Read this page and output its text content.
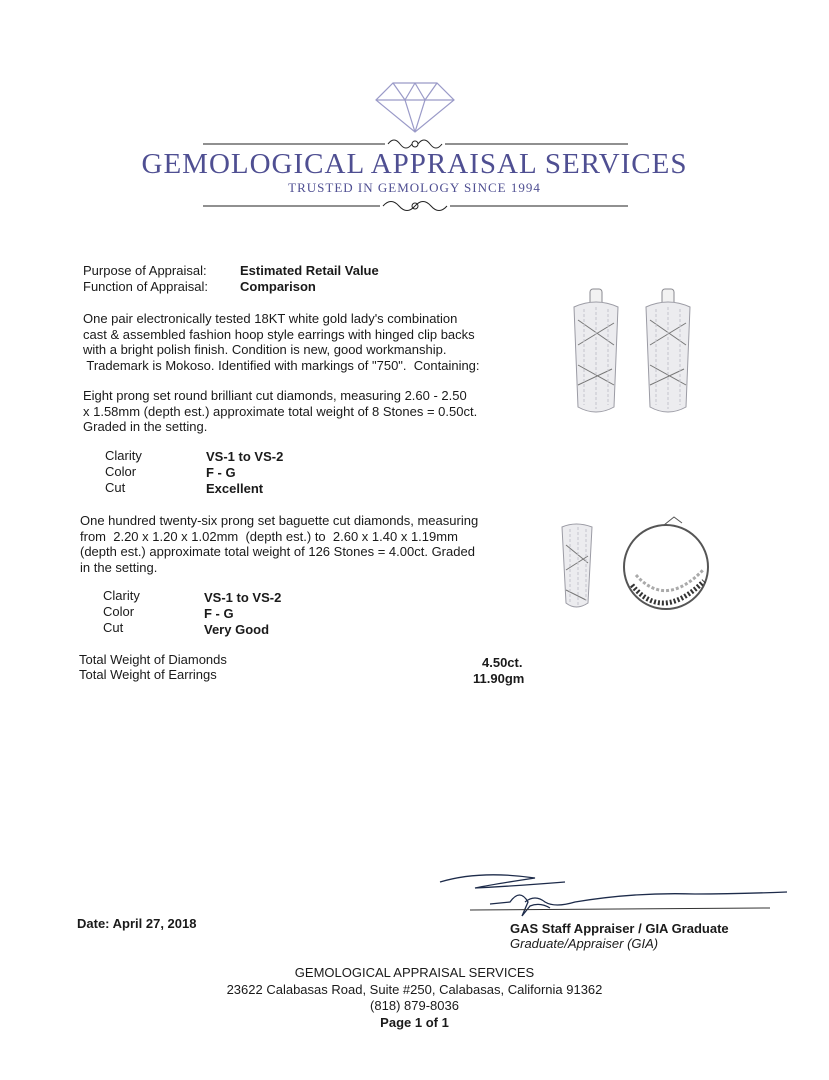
GEMOLOGICAL APPRAISAL SERVICES
TRUSTED IN GEMOLOGY SINCE 1994
Purpose of Appraisal:	Estimated Retail Value
Function of Appraisal: Comparison
One pair electronically tested 18KT white gold lady's combination
cast & assembled fashion hoop style earrings with hinged clip backs
with a bright polish finish. Condition is new, good workmanship.
Trademark is Mokoso. Identified with markings of "750".  Containing:
Eight prong set round brilliant cut diamonds, measuring 2.60 - 2.50
x 1.58mm (depth est.) approximate total weight of 8 Stones = 0.50ct.
Graded in the setting.
Clarity	VS-1 to VS-2
Color	F - G
Cut	Excellent
One hundred twenty-six prong set baguette cut diamonds, measuring
from  2.20 x 1.20 x 1.02mm  (depth est.) to  2.60 x 1.40 x 1.19mm
(depth est.) approximate total weight of 126 Stones = 4.00ct. Graded
in the setting.
Clarity	VS-1 to VS-2
Color	F - G
Cut	Very Good
Total Weight of Diamonds	4.50ct.
Total Weight of Earrings	11.90gm
Date: April 27, 2018	GAS Staff Appraiser / GIA Graduate
Graduate/Appraiser (GIA)
GEMOLOGICAL APPRAISAL SERVICES
23622 Calabasas Road, Suite #250, Calabasas, California 91362
(818) 879-8036
Page 1 of 1
